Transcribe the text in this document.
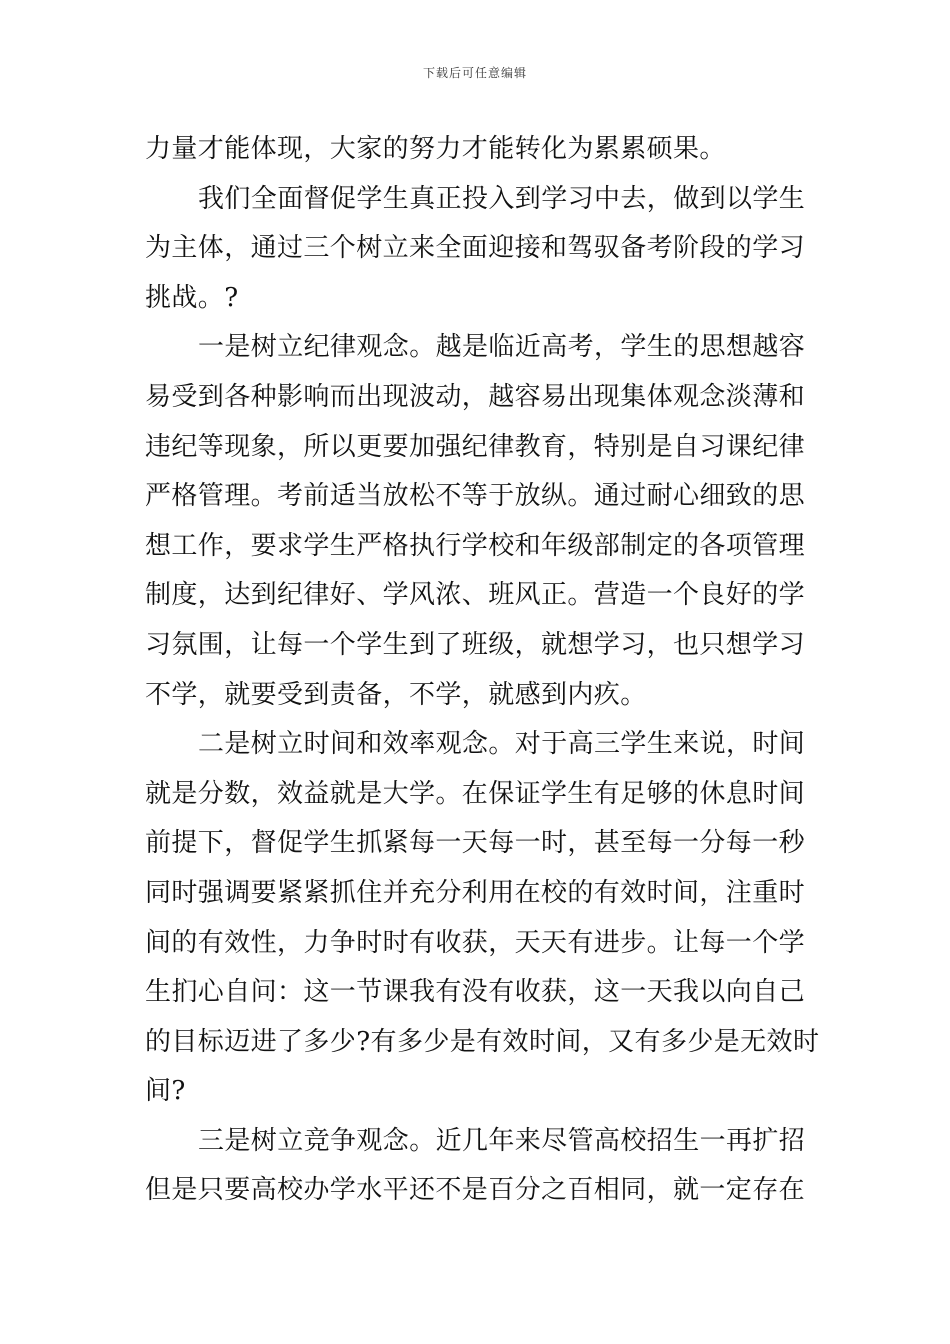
下载后可任意编辑
力量才能体现，大家的努力才能转化为累累硕果。
我们全面督促学生真正投入到学习中去，做到以学生
为主体，通过三个树立来全面迎接和驾驭备考阶段的学习
挑战。?
一是树立纪律观念。越是临近高考，学生的思想越容
易受到各种影响而出现波动，越容易出现集体观念淡薄和
违纪等现象，所以更要加强纪律教育，特别是自习课纪律
严格管理。考前适当放松不等于放纵。通过耐心细致的思
想工作，要求学生严格执行学校和年级部制定的各项管理
制度，达到纪律好、学风浓、班风正。营造一个良好的学
习氛围，让每一个学生到了班级，就想学习，也只想学习
不学，就要受到责备，不学，就感到内疚。
二是树立时间和效率观念。对于高三学生来说，时间
就是分数，效益就是大学。在保证学生有足够的休息时间
前提下，督促学生抓紧每一天每一时，甚至每一分每一秒
同时强调要紧紧抓住并充分利用在校的有效时间，注重时
间的有效性，力争时时有收获，天天有进步。让每一个学
生扪心自问：这一节课我有没有收获，这一天我以向自己
的目标迈进了多少?有多少是有效时间，又有多少是无效时
间?
三是树立竞争观念。近几年来尽管高校招生一再扩招
但是只要高校办学水平还不是百分之百相同，就一定存在
